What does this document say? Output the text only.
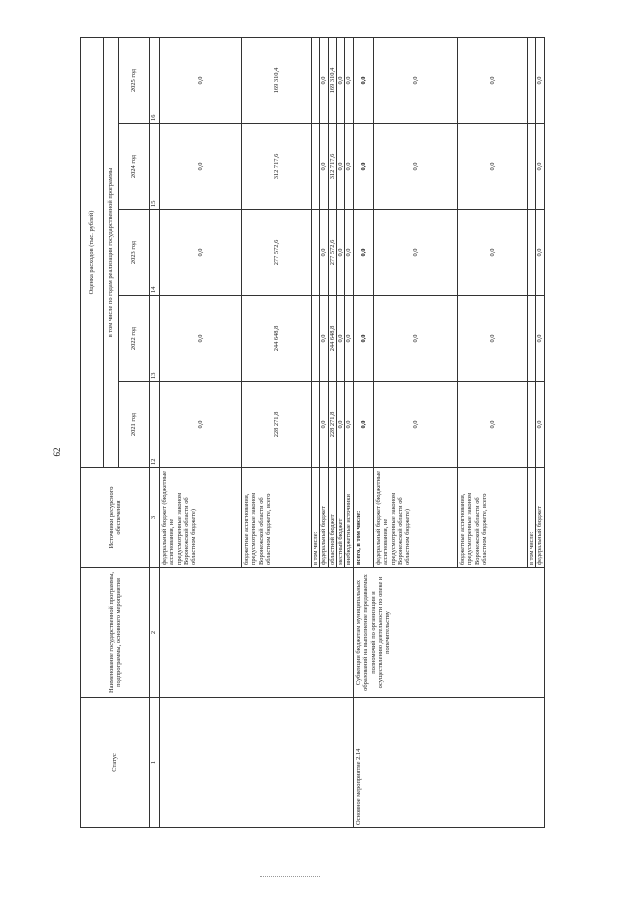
62
Статус	Наименование государственной программы, подпрограммы, основного мероприятия	Источники ресурсного обеспечения	Оценка расходов (тыс. рублей)				
			в том числе по годам реализации государственной программы				
			2021 год	2022 год	2023 год	2024 год	2025 год
1	2	3	12	13	14	15	16
		федеральный бюджет (бюджетные ассигнования, не предусмотренные законом Воронежской области об областном бюджете)	0,0	0,0	0,0	0,0	0,0
		бюджетные ассигнования, предусмотренные законом Воронежской области об областном бюджете, всего	228 271,8	244 648,8	277 572,6	312 717,6	169 310,4
		в том числе:					
		федеральный бюджет	0,0	0,0	0,0	0,0	0,0
		областной бюджет	228 271,8	244 648,8	277 572,6	312 717,6	169 310,4
		местный бюджет	0,0	0,0	0,0	0,0	0,0
		внебюджетные источники	0,0	0,0	0,0	0,0	0,0
Основное мероприятие 2.14	Субвенции бюджетам муниципальных образований на выполнение передаваемых полномочий по организации и осуществлению деятельности по опеке и попечительству	всего, в том числе:	0,0	0,0	0,0	0,0	0,0
		федеральный бюджет (бюджетные ассигнования, не предусмотренные законом Воронежской области об областном бюджете)	0,0	0,0	0,0	0,0	0,0
		бюджетные ассигнования, предусмотренные законом Воронежской области об областном бюджете, всего	0,0	0,0	0,0	0,0	0,0
		в том числе:					
		федеральный бюджет	0,0	0,0	0,0	0,0	0,0
